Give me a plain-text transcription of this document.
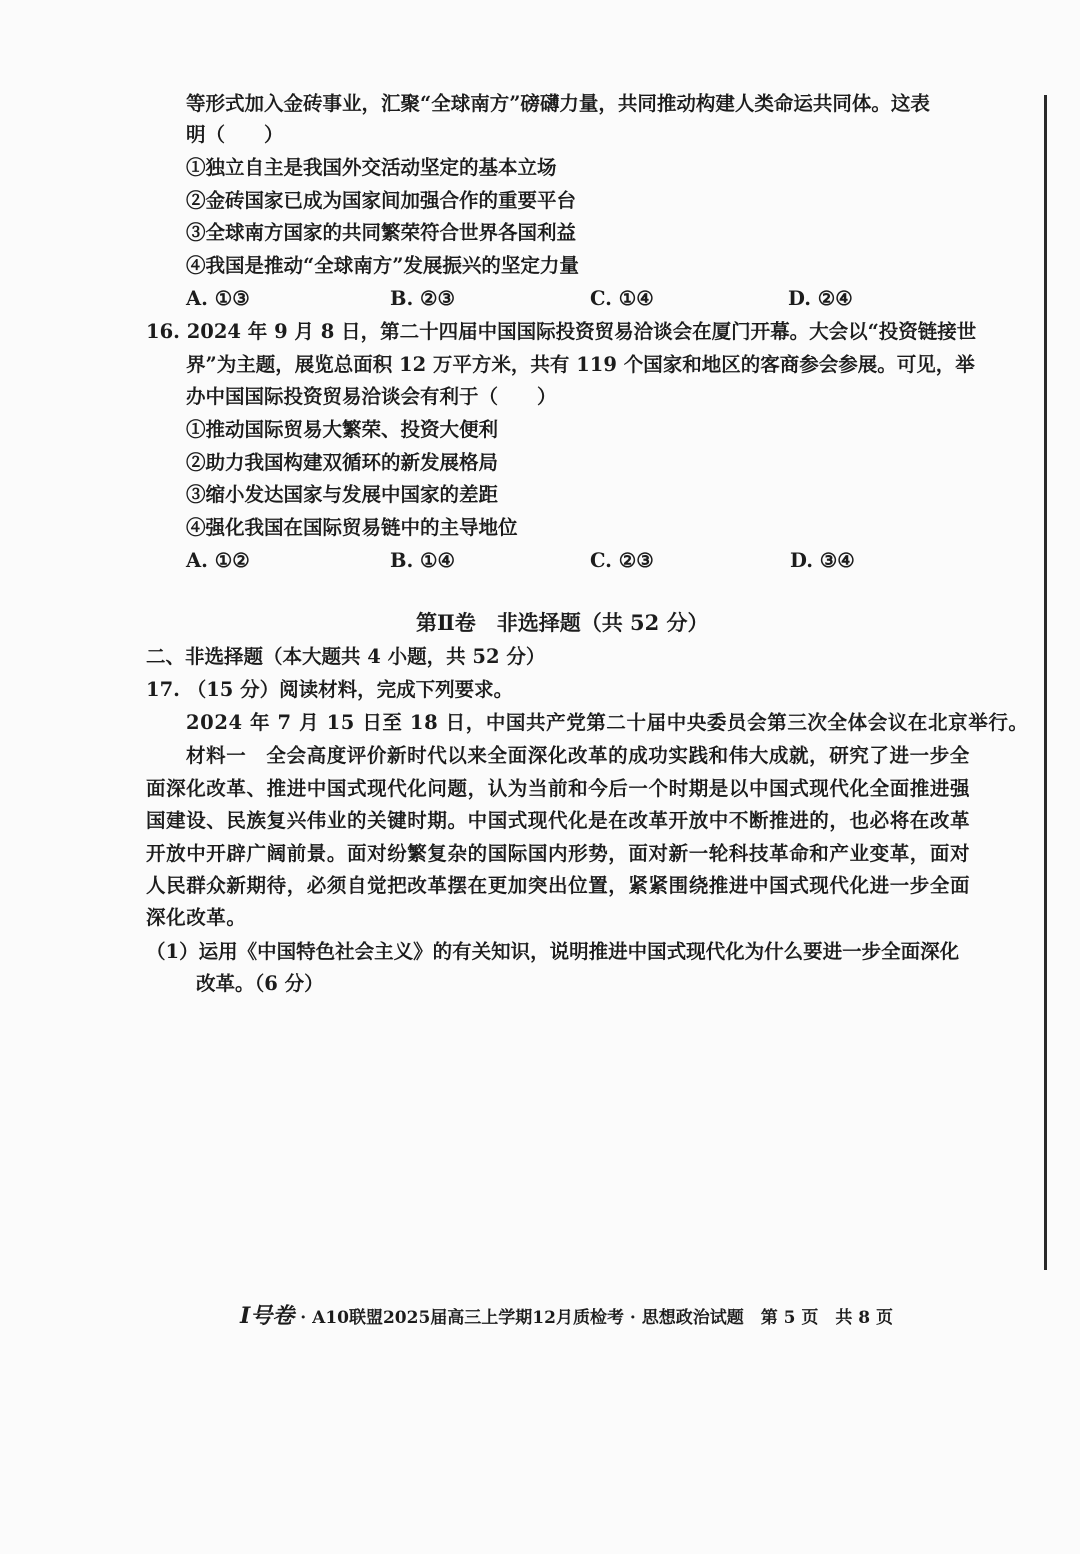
等形式加入金砖事业，汇聚“全球南方”磅礴力量，共同推动构建人类命运共同体。这表
明（　　）
①独立自主是我国外交活动坚定的基本立场
②金砖国家已成为国家间加强合作的重要平台
③全球南方国家的共同繁荣符合世界各国利益
④我国是推动“全球南方”发展振兴的坚定力量
A. ①③	B. ②③	C. ①④	D. ②④
16. 2024 年 9 月 8 日，第二十四届中国国际投资贸易洽谈会在厦门开幕。大会以“投资链接世
界”为主题，展览总面积 12 万平方米，共有 119 个国家和地区的客商参会参展。可见，举
办中国国际投资贸易洽谈会有利于（　　）
①推动国际贸易大繁荣、投资大便利
②助力我国构建双循环的新发展格局
③缩小发达国家与发展中国家的差距
④强化我国在国际贸易链中的主导地位
A. ①②	B. ①④	C. ②③	D. ③④
第Ⅱ卷　非选择题（共 52 分）
二、非选择题（本大题共 4 小题，共 52 分）
17. （15 分）阅读材料，完成下列要求。
2024 年 7 月 15 日至 18 日，中国共产党第二十届中央委员会第三次全体会议在北京举行。
材料一　全会高度评价新时代以来全面深化改革的成功实践和伟大成就，研究了进一步全
面深化改革、推进中国式现代化问题，认为当前和今后一个时期是以中国式现代化全面推进强
国建设、民族复兴伟业的关键时期。中国式现代化是在改革开放中不断推进的，也必将在改革
开放中开辟广阔前景。面对纷繁复杂的国际国内形势，面对新一轮科技革命和产业变革，面对
人民群众新期待，必须自觉把改革摆在更加突出位置，紧紧围绕推进中国式现代化进一步全面
深化改革。
（1）运用《中国特色社会主义》的有关知识，说明推进中国式现代化为什么要进一步全面深化
改革。（6 分）
I号卷 · A10联盟2025届高三上学期12月质检考 · 思想政治试题　第 5 页　共 8 页
